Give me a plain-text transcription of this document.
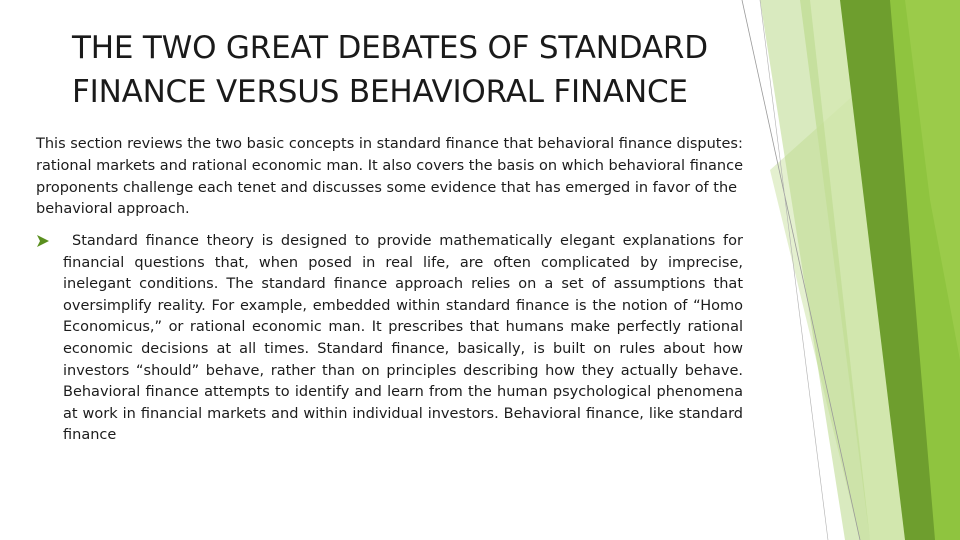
THE TWO GREAT DEBATES OF STANDARD
FINANCE VERSUS BEHAVIORAL FINANCE
This section reviews the two basic concepts in standard finance that behavioral finance disputes: rational markets and rational economic man. It also covers the basis on which behavioral finance proponents challenge each tenet and discusses some evidence that has emerged in favor of the behavioral approach.
Standard finance theory is designed to provide mathematically elegant explanations for financial questions that, when posed in real life, are often complicated by imprecise, inelegant conditions. The standard finance approach relies on a set of assumptions that oversimplify reality. For example, embedded within standard finance is the notion of “Homo Economicus,” or rational economic man. It prescribes that humans make perfectly rational economic decisions at all times. Standard finance, basically, is built on rules about how investors “should” behave, rather than on principles describing how they actually behave. Behavioral finance attempts to identify and learn from the human psychological phenomena at work in financial markets and within individual investors. Behavioral finance, like standard finance
